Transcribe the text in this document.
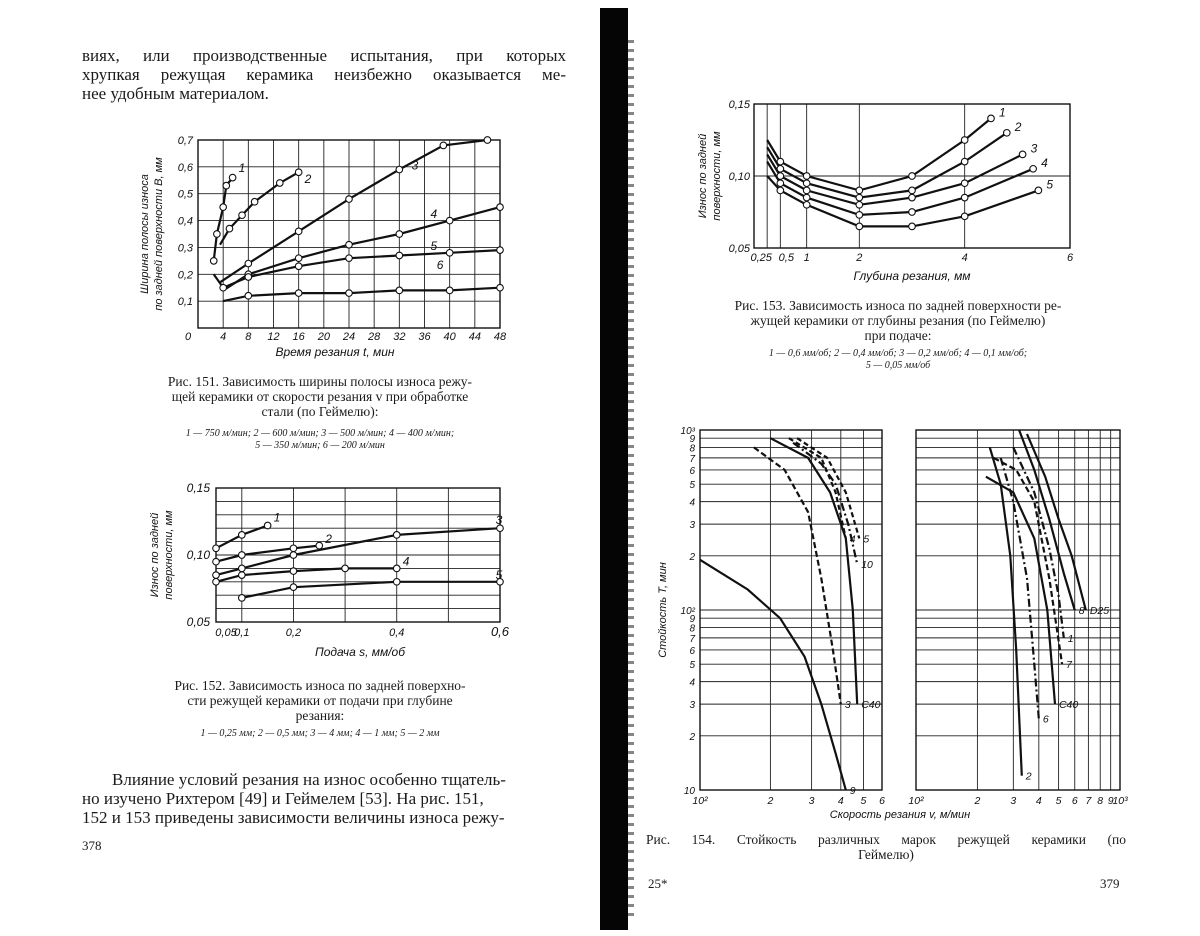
виях, или производственные испытания, при которых
хрупкая режущая керамика неизбежно оказывается ме-
нее удобным материалом.
0	4 8 12 16 20 24 28 32 36 40 44 48
0,1
0,2
0,3
0,4
0,5
0,6
0,7
Время резания t, мин
Ширина полосы износа по задней поверхности B, мм	1
2
3
4
5
6
Рис. 151. Зависимость ширины полосы износа режу-
щей керамики от скорости резания v при обработке
стали (по Геймелю):
1 — 750 м/мин; 2 — 600 м/мин; 3 — 500 м/мин; 4 — 400 м/мин;
5 — 350 м/мин; 6 — 200 м/мин
0,05
0,1	0,2	0,4	0,6
0,05
0,10
0,15
Подача s, мм/об
Износ по задней поверхности, мм	1
2
3
4
5
Рис. 152. Зависимость износа по задней поверхно-
сти режущей керамики от подачи при глубине
резания:
1 — 0,25 мм; 2 — 0,5 мм; 3 — 4 мм; 4 — 1 мм; 5 — 2 мм
Влияние условий резания на износ особенно тщатель-
но изучено Рихтером [49] и Геймелем [53]. На рис. 151,
152 и 153 приведены зависимости величины износа режу-
378
0,25 0,5 1	2	4	6
0,05
0,10
0,15
Глубина резания, мм
Износ по задней поверхности, мм
1
2
3
4
5
Рис. 153. Зависимость износа по задней поверхности ре-
жущей керамики от глубины резания (по Геймелю)
при подаче:
1 — 0,6 мм/об; 2 — 0,4 мм/об; 3 — 0,2 мм/об; 4 — 0,1 мм/об;
5 — 0,05 мм/об
10²	2	3 4 5 6 10²	2	3 4 5 6 7 8 9
10³
10
2
3
4
5
6
7
8
9
10²
2
3
4
5
6
7
8
9
10³
Стойкость T, мин
Скорость резания v, м/мин
9
3 C40
10
4 5
2
6
7
C40
1
8 D25
Рис. 154. Стойкость различных марок режущей керамики (по
Геймелю)
25*	379
